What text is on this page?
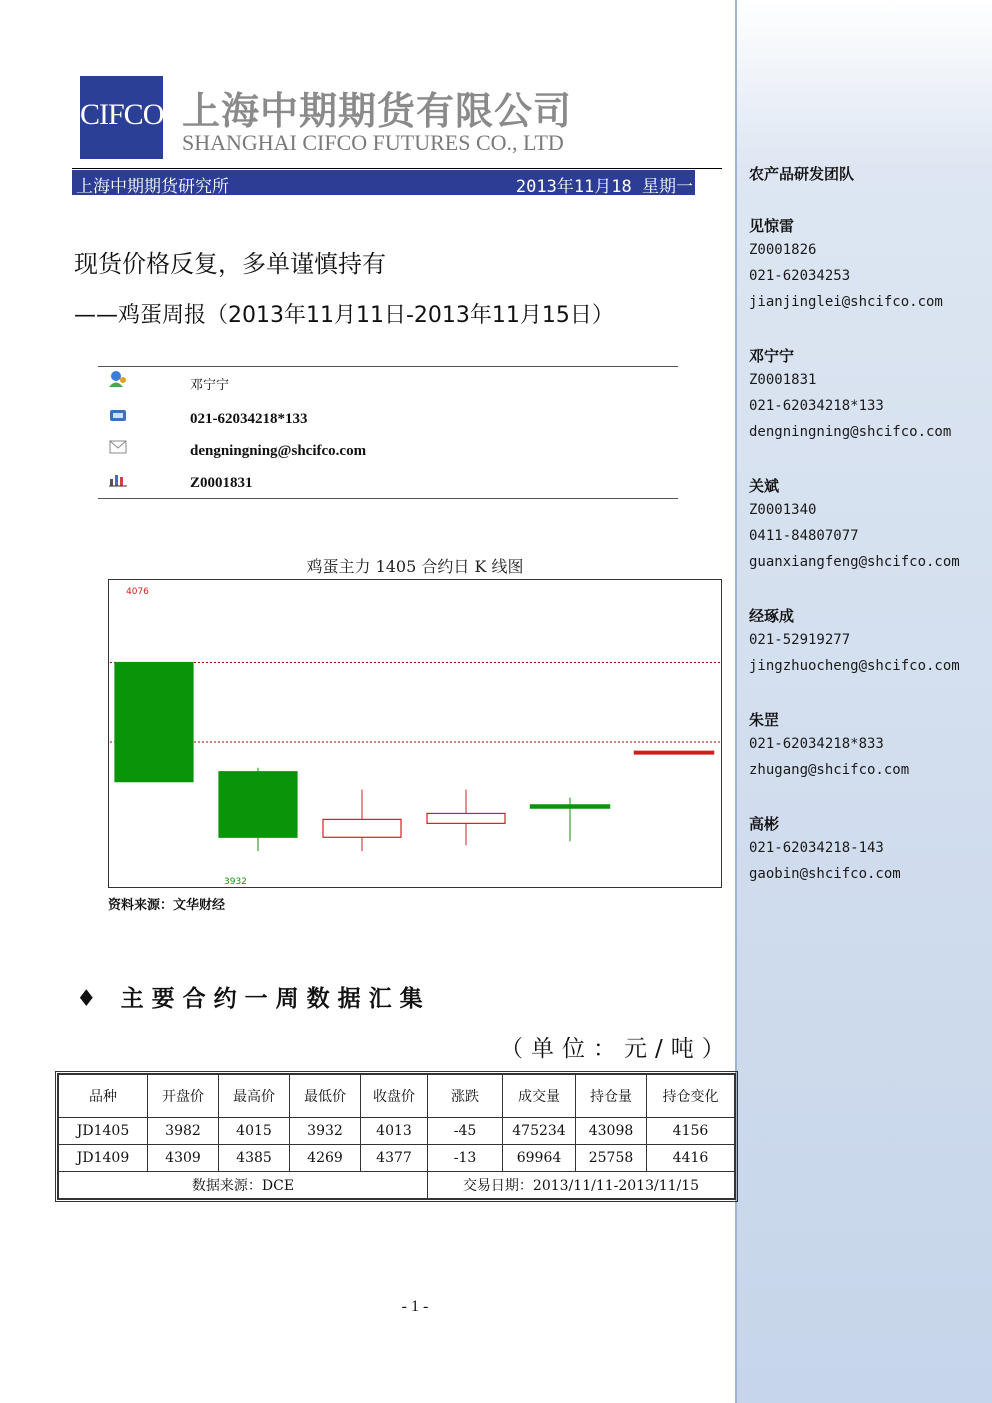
农产品研发团队
见惊雷
Z0001826
021-62034253
jianjinglei@shcifco.com
邓宁宁
Z0001831
021-62034218*133
dengningning@shcifco.com
关斌
Z0001340
0411-84807077
guanxiangfeng@shcifco.com
经琢成
021-52919277
jingzhuocheng@shcifco.com
朱罡
021-62034218*833
zhugang@shcifco.com
高彬
021-62034218-143
gaobin@shcifco.com
CIFCO 上海中期期货有限公司
SHANGHAI CIFCO FUTURES CO., LTD
上海中期期货研究所	2013年11月18 星期一
现货价格反复，多单谨慎持有
——鸡蛋周报（2013年11月11日-2013年11月15日）
邓宁宁
021-62034218*133
dengningning@shcifco.com
Z0001831
鸡蛋主力 1405 合约日 K 线图
4076
3932
资料来源：文华财经
♦ 主要合约一周数据汇集
（单位：元/吨）
品种	开盘价	最高价	最低价	收盘价	涨跌	成交量	持仓量	持仓变化
JD1405	3982	4015	3932	4013	-45	475234	43098	4156
JD1409	4309	4385	4269	4377	-13	69964	25758	4416
数据来源：DCE					交易日期：2013/11/11-2013/11/15			
- 1 -
